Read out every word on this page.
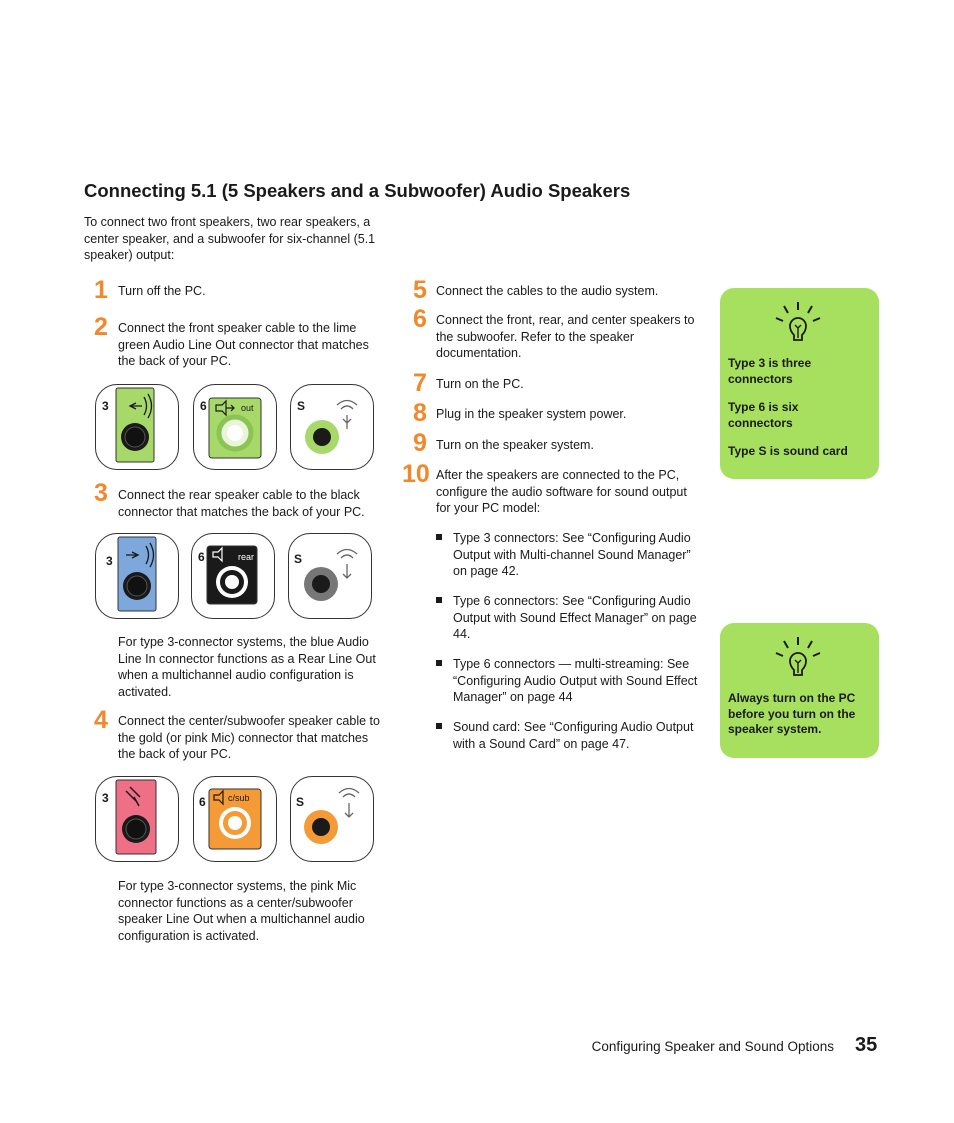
Connecting 5.1 (5 Speakers and a Subwoofer) Audio Speakers
To connect two front speakers, two rear speakers, a center speaker, and a subwoofer for six-channel (5.1 speaker) output:
1 Turn off the PC.
2 Connect the front speaker cable to the lime green Audio Line Out connector that matches the back of your PC.
3	6	out	S
3 Connect the rear speaker cable to the black connector that matches the back of your PC.
3	6	rear	S
For type 3-connector systems, the blue Audio Line In connector functions as a Rear Line Out when a multichannel audio configuration is activated.
4 Connect the center/subwoofer speaker cable to the gold (or pink Mic) connector that matches the back of your PC.
3	6 c/sub	S
For type 3-connector systems, the pink Mic connector functions as a center/subwoofer speaker Line Out when a multichannel audio configuration is activated.
5 Connect the cables to the audio system.
6 Connect the front, rear, and center speakers to the subwoofer. Refer to the speaker documentation.
7 Turn on the PC.
8 Plug in the speaker system power.
9 Turn on the speaker system.
10 After the speakers are connected to the PC, configure the audio software for sound output for your PC model:
Type 3 connectors: See “Configuring Audio Output with Multi-channel Sound Manager” on page 42.
Type 6 connectors: See “Configuring Audio Output with Sound Effect Manager” on page 44.
Type 6 connectors — multi-streaming: See “Configuring Audio Output with Sound Effect Manager” on page 44
Sound card: See “Configuring Audio Output with a Sound Card” on page 47.
Type 3 is three connectors
Type 6 is six connectors
Type S is sound card
Always turn on the PC before you turn on the speaker system.
Configuring Speaker and Sound Options 35
